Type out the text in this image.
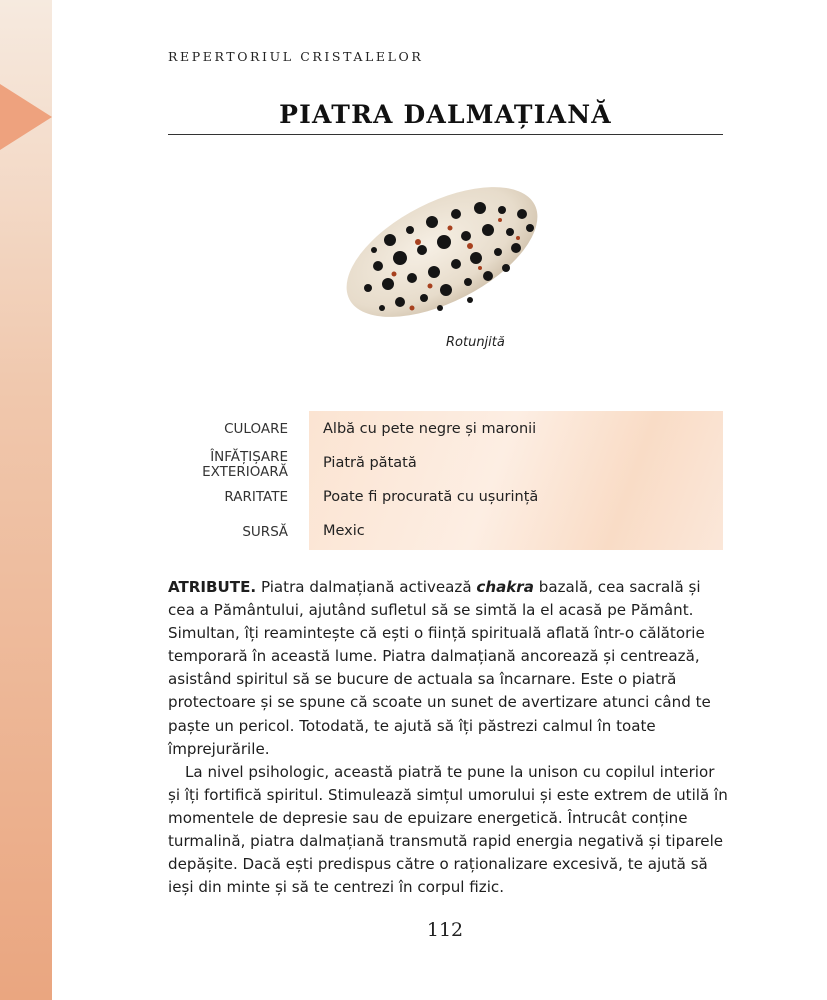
REPERTORIUL CRISTALELOR
PIATRA DALMAȚIANĂ
Rotunjită
CULOARE Albă cu pete negre și maronii
ÎNFĂȚIȘARE
EXTERIOARĂ
Piatră pătată
RARITATE Poate fi procurată cu ușurință
SURSĂ Mexic

ATRIBUTE. Piatra dalmațiană activează chakra bazală, cea sacrală și cea a Pământului, ajutând sufletul să se simtă la el acasă pe Pământ. Simultan, îți reamintește că ești o ființă spirituală aflată într-o călătorie temporară în această lume. Piatra dalmațiană ancorează și centrează, asistând spiritul să se bucure de actuala sa încarnare. Este o piatră protectoare și se spune că scoate un sunet de avertizare atunci când te paște un pericol. Totodată, te ajută să îți păstrezi calmul în toate împrejurările.

La nivel psihologic, această piatră te pune la unison cu copilul interior și îți fortifică spiritul. Stimulează simțul umorului și este extrem de utilă în momentele de depresie sau de epuizare energetică. Întrucât conține turmalină, piatra dalmațiană transmută rapid energia negativă și tiparele depășite. Dacă ești predispus către o raționalizare excesivă, te ajută să ieși din minte și să te centrezi în corpul fizic.

112
